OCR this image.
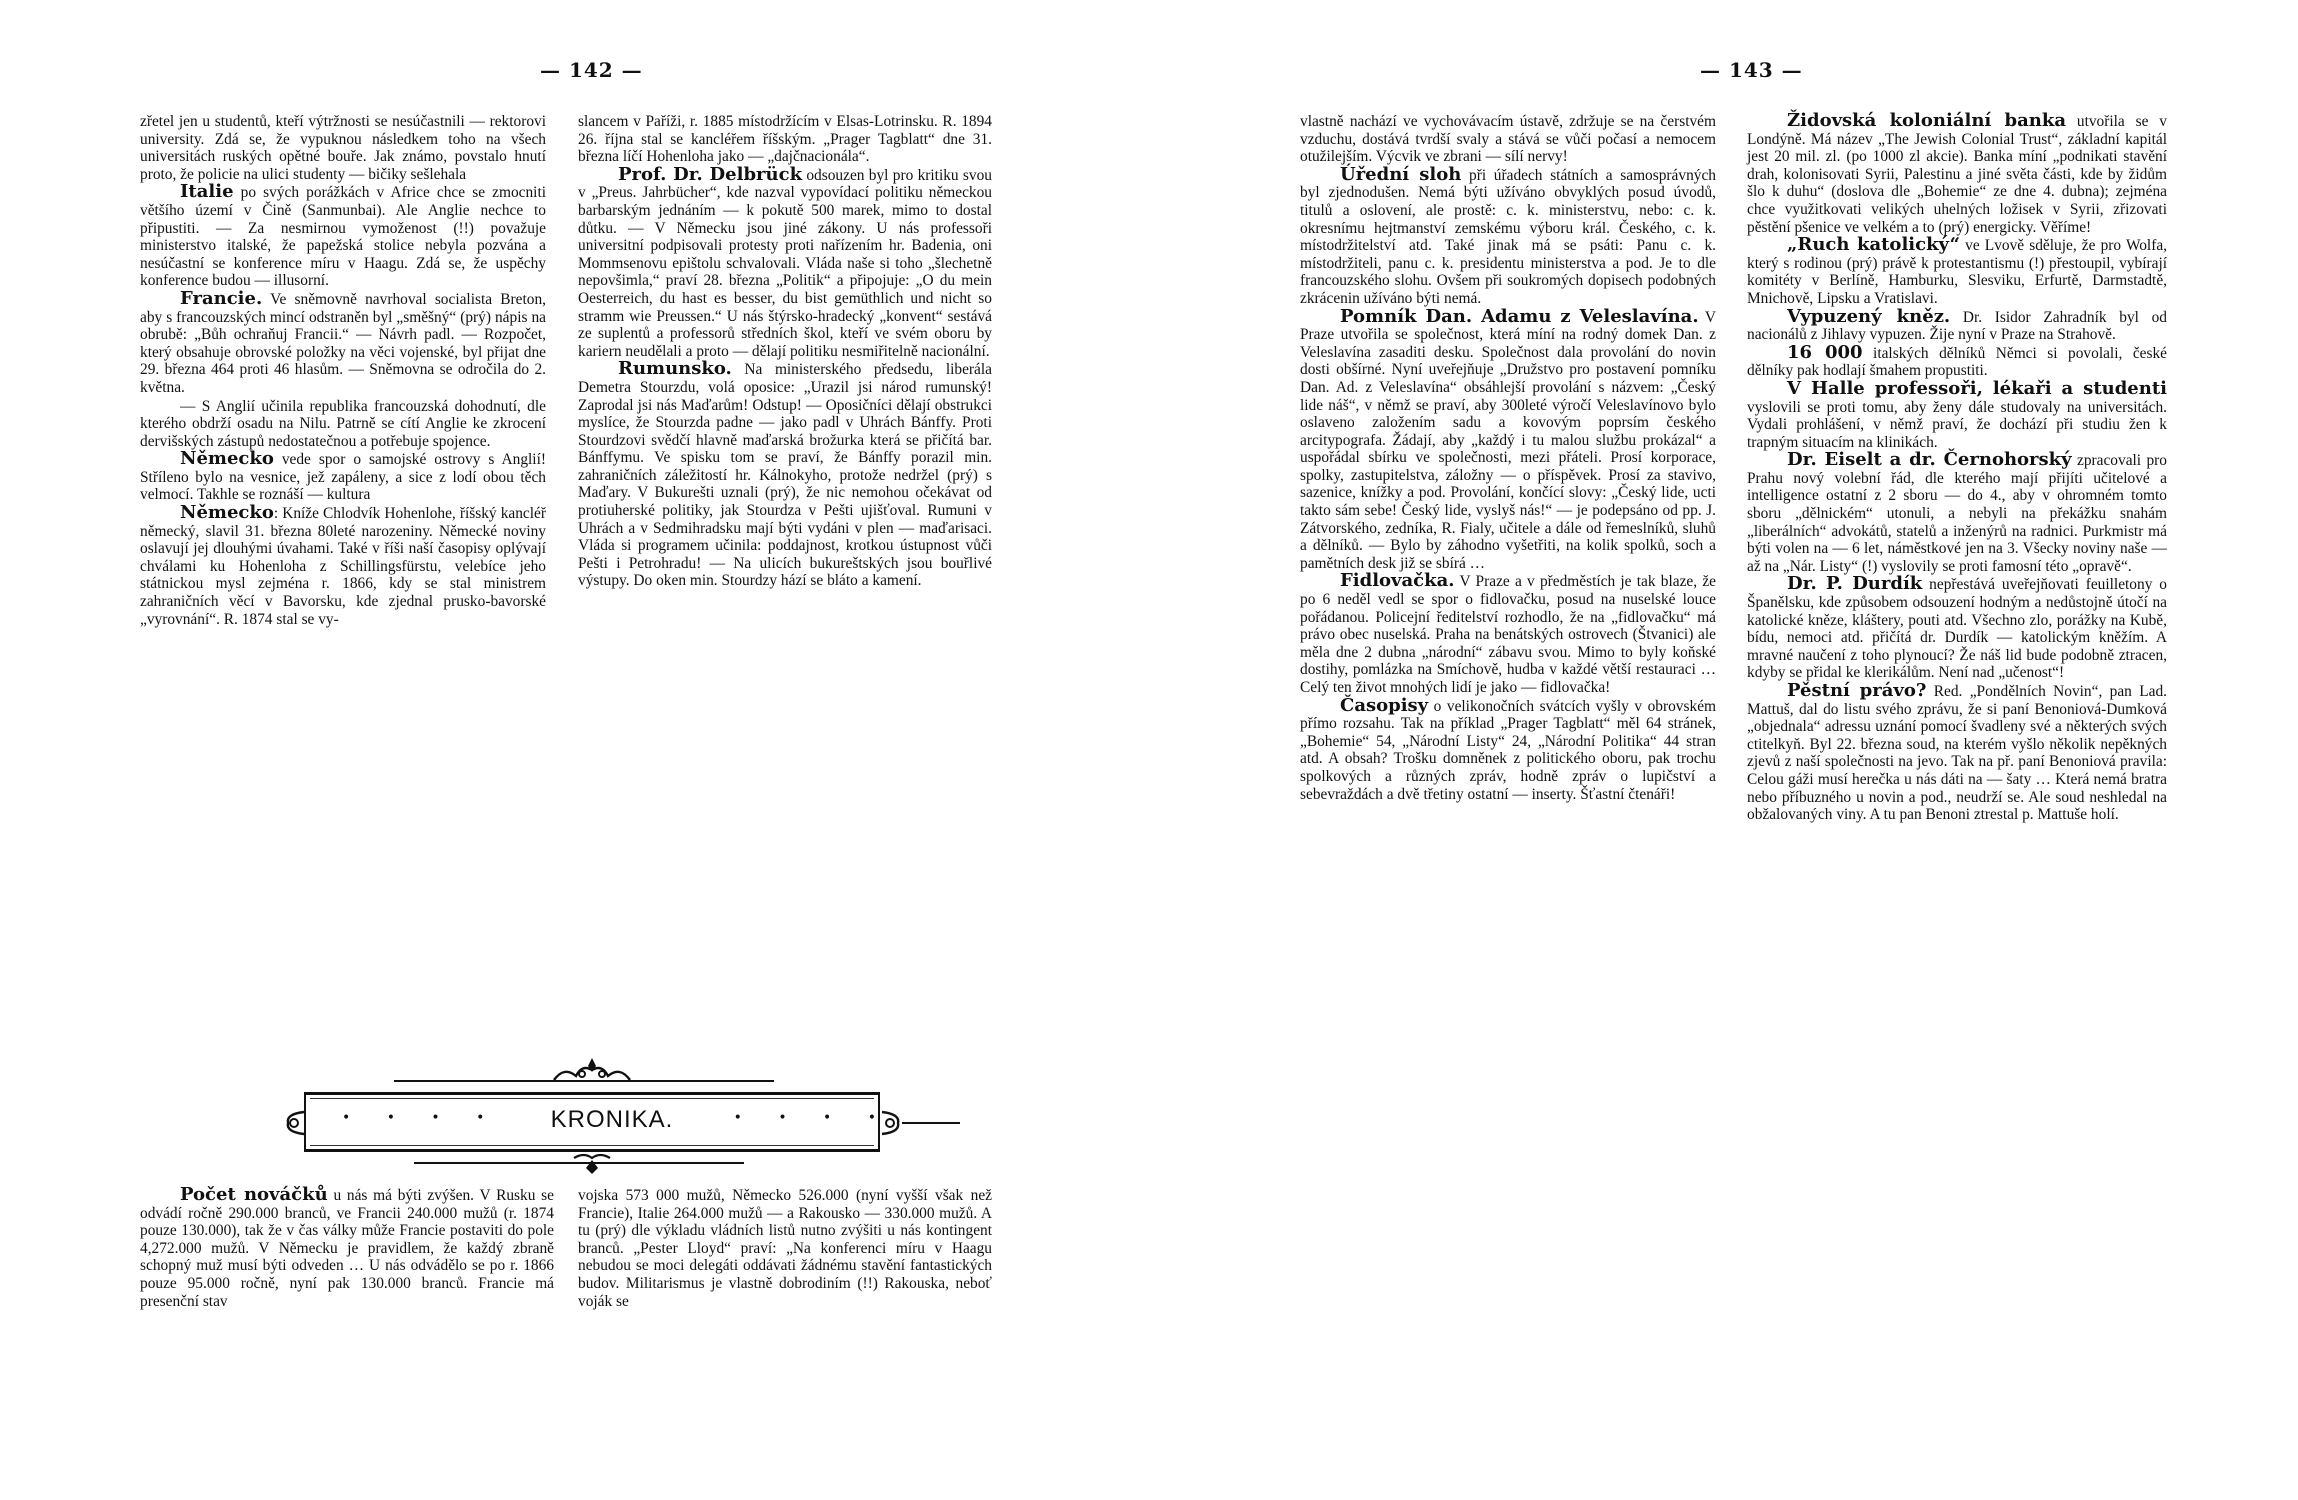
— 142 —

zřetel jen u studentů, kteří výtržnosti se nesúčastnili — rektorovi university. Zdá se, že vypuknou následkem toho na všech universitách ruských opětné bouře. Jak známo, povstalo hnutí proto, že policie na ulici studenty — bičiky sešlehala

Italie po svých porážkách v Africe chce se zmocniti většího území v Čině (Sanmunbai). Ale Anglie nechce to připustiti. — Za nesmirnou vymoženost (!!) považuje ministerstvo italské, že papežská stolice nebyla pozvána a nesúčastní se konference míru v Haagu. Zdá se, že uspěchy konference budou — illusorní.

Francie. Ve sněmovně navrhoval socialista Breton, aby s francouzských mincí odstraněn byl „směšný“ (prý) nápis na obrubě: „Bůh ochraňuj Francii.“ — Návrh padl. — Rozpočet, který obsahuje obrovské položky na věci vojenské, byl přijat dne 29. března 464 proti 46 hlasům. — Sněmovna se odročila do 2. května.

— S Anglií učinila republika francouzská dohodnutí, dle kterého obdrží osadu na Nilu. Patrně se cítí Anglie ke zkrocení dervišských zástupů nedostatečnou a potřebuje spojence.

Německo vede spor o samojské ostrovy s Anglií! Stříleno bylo na vesnice, jež zapáleny, a sice z lodí obou těch velmocí. Takhle se roznáší — kultura

Německo: Kníže Chlodvík Hohenlohe, říšský kancléř německý, slavil 31. března 80leté narozeniny. Německé noviny oslavují jej dlouhými úvahami. Také v říši naší časopisy oplývají chválami ku Hohenloha z Schillingsfürstu, velebíce jeho státnickou mysl zejména r. 1866, kdy se stal ministrem zahraničních věcí v Bavorsku, kde zjednal prusko-bavorské „vyrovnání“. R. 1874 stal se vy-

slancem v Paříži, r. 1885 místodržícím v Elsas-Lotrinsku. R. 1894 26. října stal se kancléřem říšským. „Prager Tagblatt“ dne 31. března líčí Hohenloha jako — „dajčnacionála“.

Prof. Dr. Delbrück odsouzen byl pro kritiku svou v „Preus. Jahrbücher“, kde nazval vypovídací politiku německou barbarským jednáním — k pokutě 500 marek, mimo to dostal důtku. — V Německu jsou jiné zákony. U nás professoři universitní podpisovali protesty proti nařízením hr. Badenia, oni Mommsenovu epištolu schvalovali. Vláda naše si toho „šlechetně nepovšimla,“ praví 28. března „Politik“ a připojuje: „O du mein Oesterreich, du hast es besser, du bist gemüthlich und nicht so stramm wie Preussen.“ U nás štýrsko-hradecký „konvent“ sestává ze suplentů a professorů středních škol, kteří ve svém oboru by kariern neudělali a proto — dělají politiku nesmiřitelně nacionální.

Rumunsko. Na ministerského předsedu, liberála Demetra Stourzdu, volá oposice: „Urazil jsi národ rumunský! Zaprodal jsi nás Maďarům! Odstup! — Oposičníci dělají obstrukci myslíce, že Stourzda padne — jako padl v Uhrách Bánffy. Proti Stourdzovi svědčí hlavně maďarská brožurka která se přičítá bar. Bánffymu. Ve spisku tom se praví, že Bánffy porazil min. zahraničních záležitostí hr. Kálnokyho, protože nedržel (prý) s Maďary. V Bukurešti uznali (prý), že nic nemohou očekávat od protiuherské politiky, jak Stourdza v Pešti ujišťoval. Rumuni v Uhrách a v Sedmihradsku mají býti vydáni v plen — maďarisaci. Vláda si programem učinila: poddajnost, krotkou ústupnost vůči Pešti i Petrohradu! — Na ulicích bukureštských jsou bouřlivé výstupy. Do oken min. Stourdzy hází se bláto a kamení.

• • • •	KRONIKA.	• • • •

Počet nováčků u nás má býti zvýšen. V Rusku se odvádí ročně 290.000 branců, ve Francii 240.000 mužů (r. 1874 pouze 130.000), tak že v čas války může Francie postaviti do pole 4,272.000 mužů. V Německu je pravidlem, že každý zbraně schopný muž musí býti odveden … U nás odvádělo se po r. 1866 pouze 95.000 ročně, nyní pak 130.000 branců. Francie má presenční stav

vojska 573 000 mužů, Německo 526.000 (nyní vyšší však než Francie), Italie 264.000 mužů — a Rakousko — 330.000 mužů. A tu (prý) dle výkladu vládních listů nutno zvýšiti u nás kontingent branců. „Pester Lloyd“ praví: „Na konferenci míru v Haagu nebudou se moci delegáti oddávati žádnému stavění fantastických budov. Militarismus je vlastně dobrodiním (!!) Rakouska, neboť voják se

— 143 —

vlastně nachází ve vychovávacím ústavě, zdržuje se na čerstvém vzduchu, dostává tvrdší svaly a stává se vůči počasí a nemocem otužilejším. Výcvik ve zbrani — sílí nervy!

Úřední sloh při úřadech státních a samosprávných byl zjednodušen. Nemá býti užíváno obvyklých posud úvodů, titulů a oslovení, ale prostě: c. k. ministerstvu, nebo: c. k. okresnímu hejtmanství zemskému výboru král. Českého, c. k. místodržitelství atd. Také jinak má se psáti: Panu c. k. místodržiteli, panu c. k. presidentu ministerstva a pod. Je to dle francouzského slohu. Ovšem při soukromých dopisech podobných zkrácenin užíváno býti nemá.

Pomník Dan. Adamu z Veleslavína. V Praze utvořila se společnost, která míní na rodný domek Dan. z Veleslavína zasaditi desku. Společnost dala provolání do novin dosti obšírné. Nyní uveřejňuje „Družstvo pro postavení pomníku Dan. Ad. z Veleslavína“ obsáhlejší provolání s názvem: „Český lide náš“, v němž se praví, aby 300leté výročí Veleslavínovo bylo oslaveno založením sadu a kovovým poprsím českého arcitypografa. Žádají, aby „každý i tu malou službu prokázal“ a uspořádal sbírku ve společnosti, mezi přáteli. Prosí korporace, spolky, zastupitelstva, záložny — o příspěvek. Prosí za stavivo, sazenice, knížky a pod. Provolání, končící slovy: „Český lide, ucti takto sám sebe! Český lide, vyslyš nás!“ — je podepsáno od pp. J. Zátvorského, zedníka, R. Fialy, učitele a dále od řemeslníků, sluhů a dělníků. — Bylo by záhodno vyšetřiti, na kolik spolků, soch a pamětních desk již se sbírá …

Fidlovačka. V Praze a v předměstích je tak blaze, že po 6 neděl vedl se spor o fidlovačku, posud na nuselské louce pořádanou. Policejní ředitelství rozhodlo, že na „fidlovačku“ má právo obec nuselská. Praha na benátských ostrovech (Štvanici) ale měla dne 2 dubna „národní“ zábavu svou. Mimo to byly koňské dostihy, pomlázka na Smíchově, hudba v každé větší restauraci … Celý ten život mnohých lidí je jako — fidlovačka!

Časopisy o velikonočních svátcích vyšly v obrovském přímo rozsahu. Tak na příklad „Prager Tagblatt“ měl 64 stránek, „Bohemie“ 54, „Národní Listy“ 24, „Národní Politika“ 44 stran atd. A obsah? Trošku domněnek z politického oboru, pak trochu spolkových a různých zpráv, hodně zpráv o lupičství a sebevraždách a dvě třetiny ostatní — inserty. Šťastní čtenáři!

Židovská koloniální banka utvořila se v Londýně. Má název „The Jewish Colonial Trust“, základní kapitál jest 20 mil. zl. (po 1000 zl akcie). Banka míní „podnikati stavění drah, kolonisovati Syrii, Palestinu a jiné světa části, kde by židům šlo k duhu“ (doslova dle „Bohemie“ ze dne 4. dubna); zejména chce využitkovati velikých uhelných ložisek v Syrii, zřizovati pěstění pšenice ve velkém a to (prý) energicky. Věříme!

„Ruch katolický“ ve Lvově sděluje, že pro Wolfa, který s rodinou (prý) právě k protestantismu (!) přestoupil, vybírají komitéty v Berlíně, Hamburku, Slesviku, Erfurtě, Darmstadtě, Mnichově, Lipsku a Vratislavi.

Vypuzený kněz. Dr. Isidor Zahradník byl od nacionálů z Jihlavy vypuzen. Žije nyní v Praze na Strahově.

16 000 italských dělníků Němci si povolali, české dělníky pak hodlají šmahem propustiti.

V Halle professoři, lékaři a studenti vyslovili se proti tomu, aby ženy dále studovaly na universitách. Vydali prohlášení, v němž praví, že dochází při studiu žen k trapným situacím na klinikách.

Dr. Eiselt a dr. Černohorský zpracovali pro Prahu nový volební řád, dle kterého mají přijíti učitelové a intelligence ostatní z 2 sboru — do 4., aby v ohromném tomto sboru „dělnickém“ utonuli, a nebyli na překážku snahám „liberálních“ advokátů, statelů a inženýrů na radnici. Purkmistr má býti volen na — 6 let, náměstkové jen na 3. Všecky noviny naše — až na „Nár. Listy“ (!) vyslovily se proti famosní této „opravě“.

Dr. P. Durdík nepřestává uveřejňovati feuilletony o Španělsku, kde způsobem odsouzení hodným a nedůstojně útočí na katolické kněze, kláštery, pouti atd. Všechno zlo, porážky na Kubě, bídu, nemoci atd. přičítá dr. Durdík — katolickým kněžím. A mravné naučení z toho plynoucí? Že náš lid bude podobně ztracen, kdyby se přidal ke klerikálům. Není nad „učenost“!

Pěstní právo? Red. „Pondělních Novin“, pan Lad. Mattuš, dal do listu svého zprávu, že si paní Benoniová-Dumková „objednala“ adressu uznání pomocí švadleny své a některých svých ctitelkyň. Byl 22. března soud, na kterém vyšlo několik nepěkných zjevů z naší společnosti na jevo. Tak na př. paní Benoniová pravila: Celou gáži musí herečka u nás dáti na — šaty … Která nemá bratra nebo příbuzného u novin a pod., neudrží se. Ale soud neshledal na obžalovaných viny. A tu pan Benoni ztrestal p. Mattuše holí.
